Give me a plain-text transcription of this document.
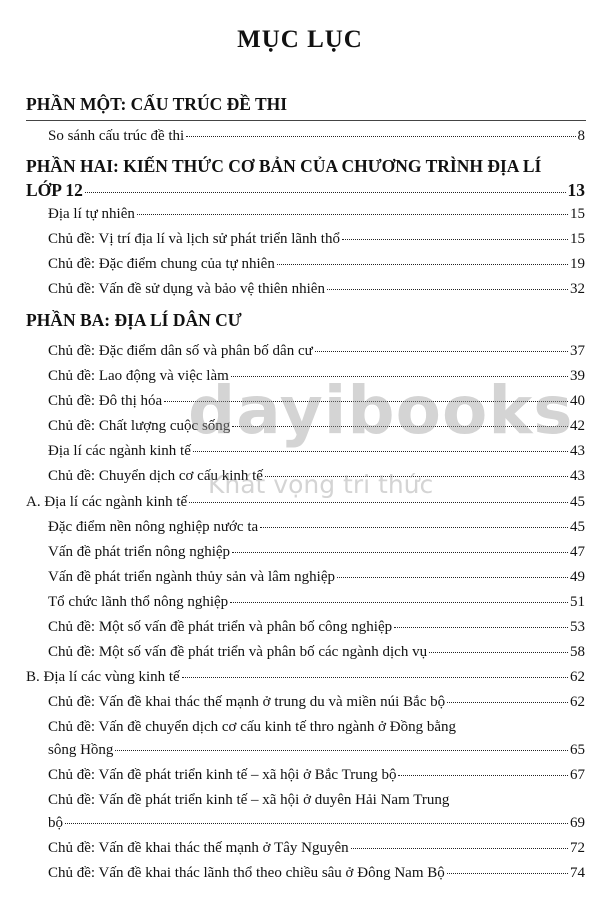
MỤC LỤC
PHẦN MỘT: CẤU TRÚC ĐỀ THI
So sánh cấu trúc đề thi	8
PHẦN HAI: KIẾN THỨC CƠ BẢN CỦA CHƯƠNG TRÌNH ĐỊA LÍ
LỚP 12	13
Địa lí tự nhiên	15
Chủ đề: Vị trí địa lí và lịch sử phát triển lãnh thổ	15
Chủ đề: Đặc điểm chung của tự nhiên	19
Chủ đề: Vấn đề sử dụng và bảo vệ thiên nhiên	32
PHẦN BA: ĐỊA LÍ DÂN CƯ
Chủ đề: Đặc điểm dân số và phân bố dân cư	37
Chủ đề: Lao động và việc làm	39
Chủ đề: Đô thị hóa	40
Chủ đề: Chất lượng cuộc sống	42
Địa lí các ngành kinh tế	43
Chủ đề: Chuyển dịch cơ cấu kinh tế	43
A. Địa lí các ngành kinh tế	45
Đặc điểm nền nông nghiệp nước ta	45
Vấn đề phát triển nông nghiệp	47
Vấn đề phát triển ngành thủy sản và lâm nghiệp	49
Tổ chức lãnh thổ nông nghiệp	51
Chủ đề: Một số vấn đề phát triển và phân bố công nghiệp	53
Chủ đề: Một số vấn đề phát triển và phân bố các ngành dịch vụ	58
B. Địa lí các vùng kinh tế	62
Chủ đề: Vấn đề khai thác thế mạnh ở trung du và miền núi Bắc bộ	62
Chủ đề: Vấn đề chuyển dịch cơ cấu kinh tế thro ngành ở Đồng bằng
sông Hồng	65
Chủ đề: Vấn đề phát triển kinh tế – xã hội ở Bắc Trung bộ	67
Chủ đề: Vấn đề phát triển kinh tế – xã hội ở duyên Hải Nam Trung
bộ	69
Chủ đề: Vấn đề khai thác thế mạnh ở Tây Nguyên	72
Chủ đề: Vấn đề khai thác lãnh thổ theo chiều sâu ở Đông Nam Bộ	74
dayibooks
Khát vọng tri thức
